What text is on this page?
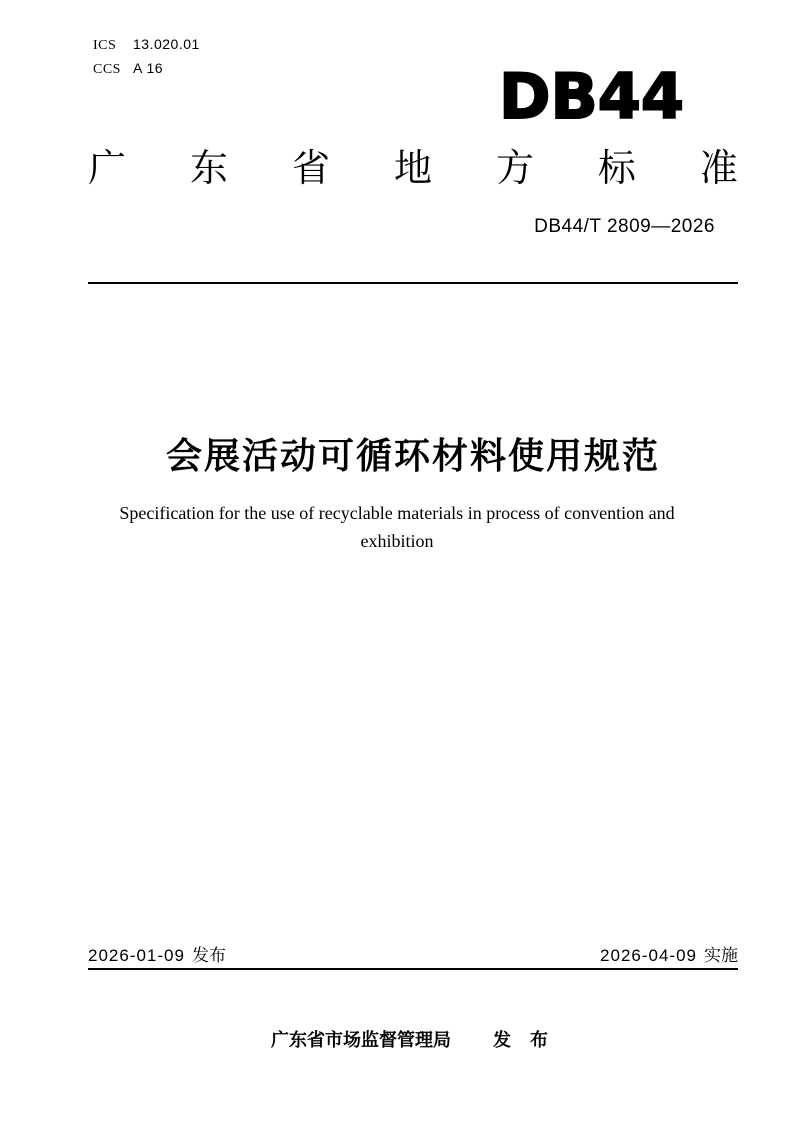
ICS	13.020.01
CCS A 16	DB44
广 东 省 地 方 标 准
DB44/T 2809—2026
会展活动可循环材料使用规范

Specification for the use of recyclable materials in process of convention and exhibition

2026-01-09 发布	2026-04-09 实施
广东省市场监督管理局 发 布
